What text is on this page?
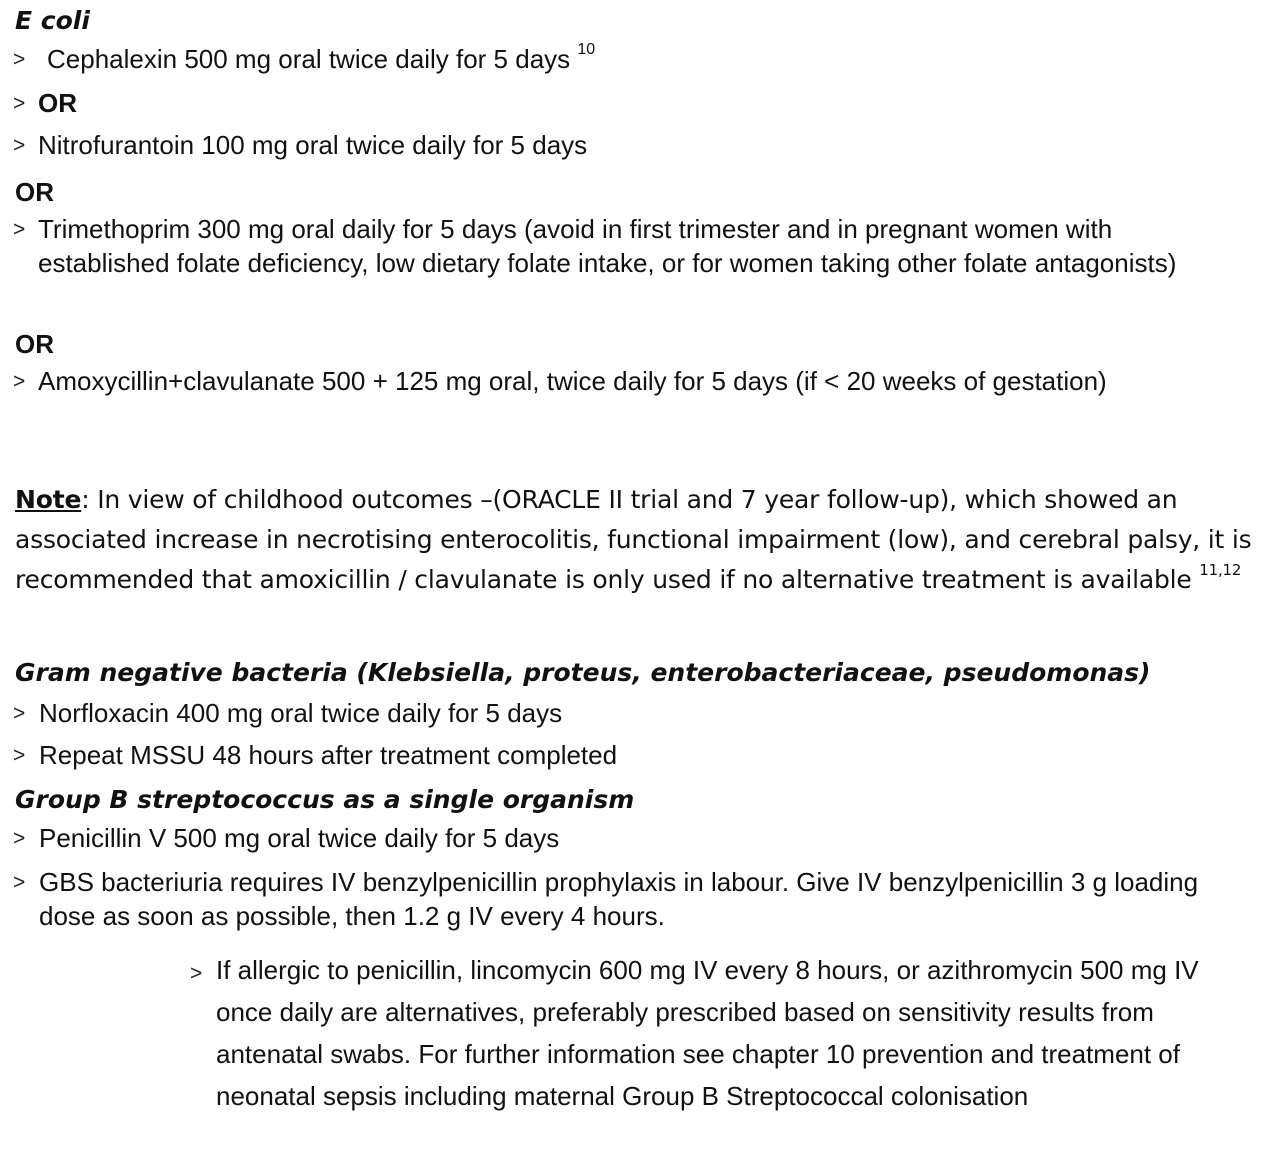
E coli
> Cephalexin 500 mg oral twice daily for 5 days $^{10}$
> OR
> Nitrofurantoin 100 mg oral twice daily for 5 days
OR
> Trimethoprim 300 mg oral daily for 5 days (avoid in first trimester and in pregnant women with established folate deficiency, low dietary folate intake, or for women taking other folate antagonists)
OR
> Amoxycillin+clavulanate 500 + 125 mg oral, twice daily for 5 days (if < 20 weeks of gestation)
Note: In view of childhood outcomes –(ORACLE II trial and 7 year follow-up), which showed an associated increase in necrotising enterocolitis, functional impairment (low), and cerebral palsy, it is recommended that amoxicillin / clavulanate is only used if no alternative treatment is available $^{11,12}$
Gram negative bacteria (Klebsiella, proteus, enterobacteriaceae, pseudomonas)
> Norfloxacin 400 mg oral twice daily for 5 days
> Repeat MSSU 48 hours after treatment completed
Group B streptococcus as a single organism
> Penicillin V 500 mg oral twice daily for 5 days
> GBS bacteriuria requires IV benzylpenicillin prophylaxis in labour. Give IV benzylpenicillin 3 g loading dose as soon as possible, then 1.2 g IV every 4 hours.
> If allergic to penicillin, lincomycin 600 mg IV every 8 hours, or azithromycin 500 mg IV once daily are alternatives, preferably prescribed based on sensitivity results from antenatal swabs. For further information see chapter 10 prevention and treatment of neonatal sepsis including maternal Group B Streptococcal colonisation
